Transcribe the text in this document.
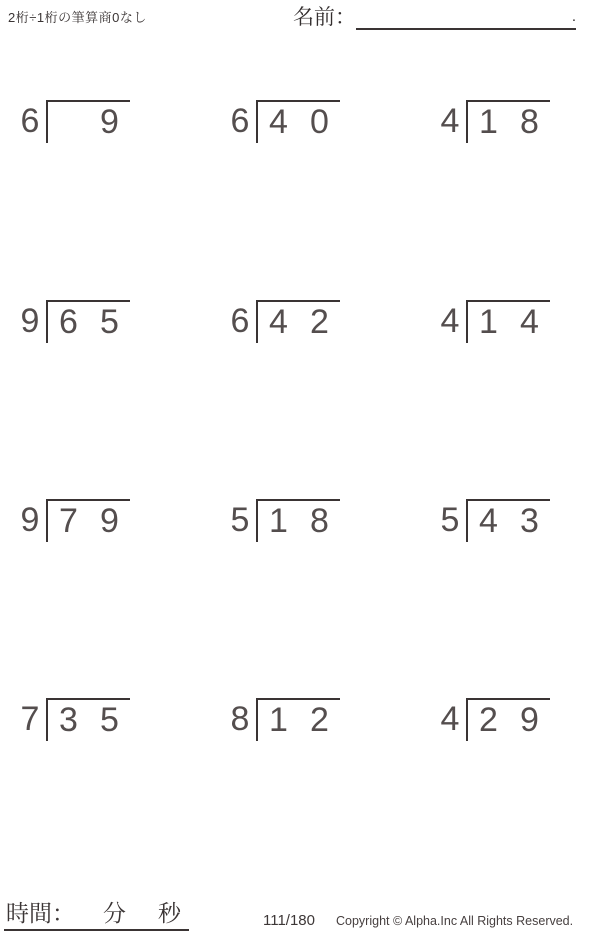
2桁÷1桁の筆算商0なし	名前：	.
6	9	6 4 0	4 1 8
9 6 5	6 4 2	4 1 4
9 7 9	5 1 8	5 4 3
7 3 5	8 1 2	4 2 9
時間： 分 秒	111/180 Copyright © Alpha.Inc All Rights Reserved.
